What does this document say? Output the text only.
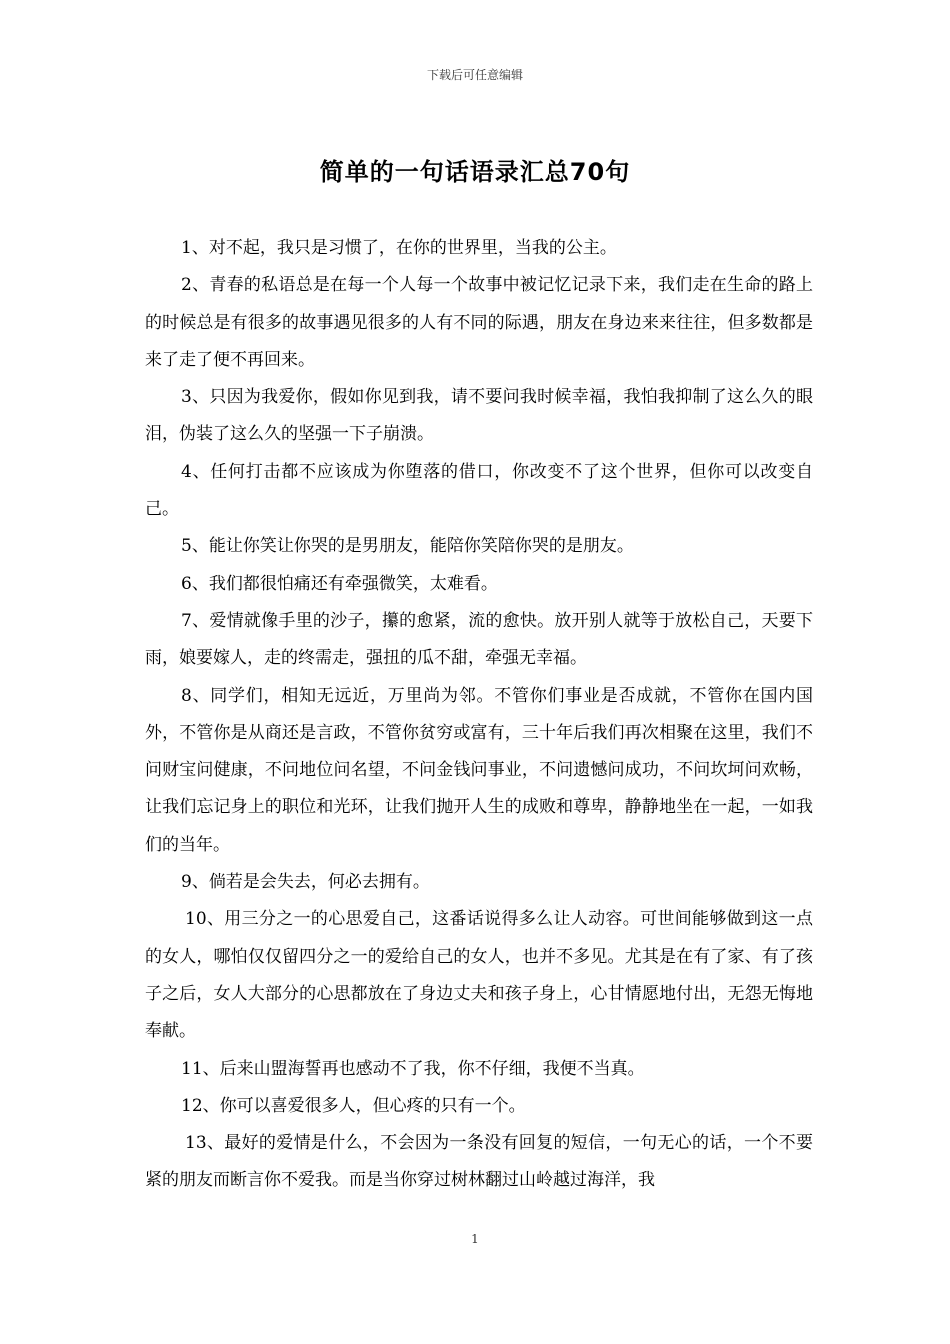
下载后可任意编辑
简单的一句话语录汇总70句

1、对不起，我只是习惯了，在你的世界里，当我的公主。

2、青春的私语总是在每一个人每一个故事中被记忆记录下来，我们走在生命的路上的时候总是有很多的故事遇见很多的人有不同的际遇，朋友在身边来来往往，但多数都是来了走了便不再回来。

3、只因为我爱你，假如你见到我，请不要问我时候幸福，我怕我抑制了这么久的眼泪，伪装了这么久的坚强一下子崩溃。

4、任何打击都不应该成为你堕落的借口，你改变不了这个世界，但你可以改变自己。

5、能让你笑让你哭的是男朋友，能陪你笑陪你哭的是朋友。

6、我们都很怕痛还有牵强微笑，太难看。

7、爱情就像手里的沙子，攥的愈紧，流的愈快。放开别人就等于放松自己，天要下雨，娘要嫁人，走的终需走，强扭的瓜不甜，牵强无幸福。

8、同学们，相知无远近，万里尚为邻。不管你们事业是否成就，不管你在国内国外，不管你是从商还是言政，不管你贫穷或富有，三十年后我们再次相聚在这里，我们不问财宝问健康，不问地位问名望，不问金钱问事业，不问遗憾问成功，不问坎坷问欢畅，让我们忘记身上的职位和光环，让我们抛开人生的成败和尊卑，静静地坐在一起，一如我们的当年。

9、倘若是会失去，何必去拥有。

10、用三分之一的心思爱自己，这番话说得多么让人动容。可世间能够做到这一点的女人，哪怕仅仅留四分之一的爱给自己的女人，也并不多见。尤其是在有了家、有了孩子之后，女人大部分的心思都放在了身边丈夫和孩子身上，心甘情愿地付出，无怨无悔地奉献。

11、后来山盟海誓再也感动不了我，你不仔细，我便不当真。

12、你可以喜爱很多人，但心疼的只有一个。

13、最好的爱情是什么，不会因为一条没有回复的短信，一句无心的话，一个不要紧的朋友而断言你不爱我。而是当你穿过树林翻过山岭越过海洋，我

1
